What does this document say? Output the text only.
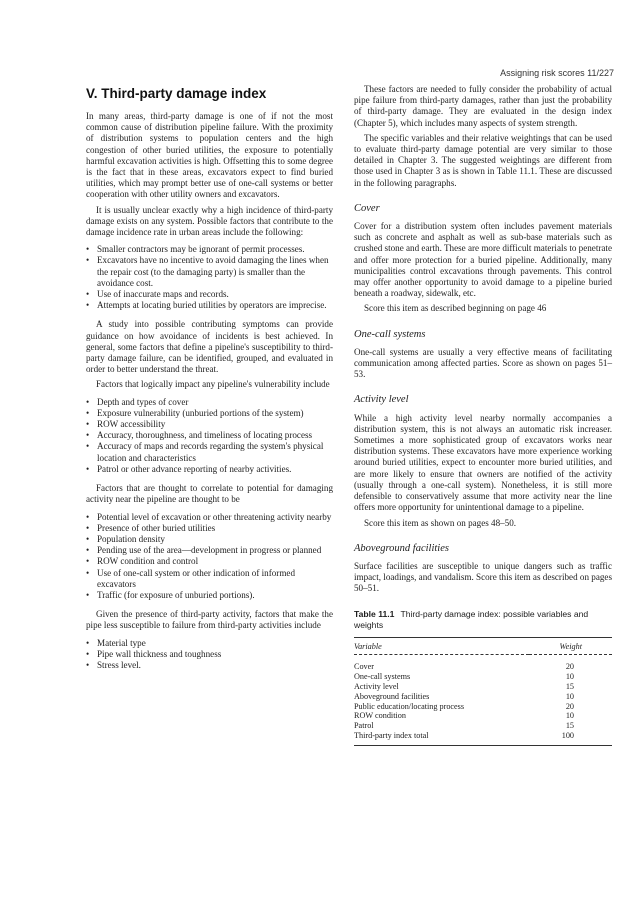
Assigning risk scores 11/227
V. Third-party damage index

In many areas, third-party damage is one of if not the most common cause of distribution pipeline failure. With the proximity of distribution systems to population centers and the high congestion of other buried utilities, the exposure to potentially harmful excavation activities is high. Offsetting this to some degree is the fact that in these areas, excavators expect to find buried utilities, which may prompt better use of one-call systems or better cooperation with other utility owners and excavators.

It is usually unclear exactly why a high incidence of third-party damage exists on any system. Possible factors that contribute to the damage incidence rate in urban areas include the following:

• Smaller contractors may be ignorant of permit processes.
• Excavators have no incentive to avoid damaging the lines when the repair cost (to the damaging party) is smaller than the avoidance cost.
• Use of inaccurate maps and records.
• Attempts at locating buried utilities by operators are imprecise.

A study into possible contributing symptoms can provide guidance on how avoidance of incidents is best achieved. In general, some factors that define a pipeline's susceptibility to third-party damage failure, can be identified, grouped, and evaluated in order to better understand the threat.

Factors that logically impact any pipeline's vulnerability include

• Depth and types of cover
• Exposure vulnerability (unburied portions of the system)
• ROW accessibility
• Accuracy, thoroughness, and timeliness of locating process
• Accuracy of maps and records regarding the system's physical location and characteristics
• Patrol or other advance reporting of nearby activities.

Factors that are thought to correlate to potential for damaging activity near the pipeline are thought to be

• Potential level of excavation or other threatening activity nearby
• Presence of other buried utilities
• Population density
• Pending use of the area—development in progress or planned
• ROW condition and control
• Use of one-call system or other indication of informed excavators
• Traffic (for exposure of unburied portions).

Given the presence of third-party activity, factors that make the pipe less susceptible to failure from third-party activities include

• Material type
• Pipe wall thickness and toughness
• Stress level.

These factors are needed to fully consider the probability of actual pipe failure from third-party damages, rather than just the probability of third-party damage. They are evaluated in the design index (Chapter 5), which includes many aspects of system strength.

The specific variables and their relative weightings that can be used to evaluate third-party damage potential are very similar to those detailed in Chapter 3. The suggested weightings are different from those used in Chapter 3 as is shown in Table 11.1. These are discussed in the following paragraphs.

Cover

Cover for a distribution system often includes pavement materials such as concrete and asphalt as well as sub-base materials such as crushed stone and earth. These are more difficult materials to penetrate and offer more protection for a buried pipeline. Additionally, many municipalities control excavations through pavements. This control may offer another opportunity to avoid damage to a pipeline buried beneath a roadway, sidewalk, etc.

Score this item as described beginning on page 46

One-call systems

One-call systems are usually a very effective means of facilitating communication among affected parties. Score as shown on pages 51–53.

Activity level

While a high activity level nearby normally accompanies a distribution system, this is not always an automatic risk increaser. Sometimes a more sophisticated group of excavators works near distribution systems. These excavators have more experience working around buried utilities, expect to encounter more buried utilities, and are more likely to ensure that owners are notified of the activity (usually through a one-call system). Nonetheless, it is still more defensible to conservatively assume that more activity near the line offers more opportunity for unintentional damage to a pipeline.

Score this item as shown on pages 48–50.

Aboveground facilities

Surface facilities are susceptible to unique dangers such as traffic impact, loadings, and vandalism. Score this item as described on pages 50–51.

Table 11.1 Third-party damage index: possible variables and weights
Variable	Weight
Cover	20
One-call systems	10
Activity level	15
Aboveground facilities	10
Public education/locating process	20
ROW condition	10
Patrol	15
Third-party index total	100
